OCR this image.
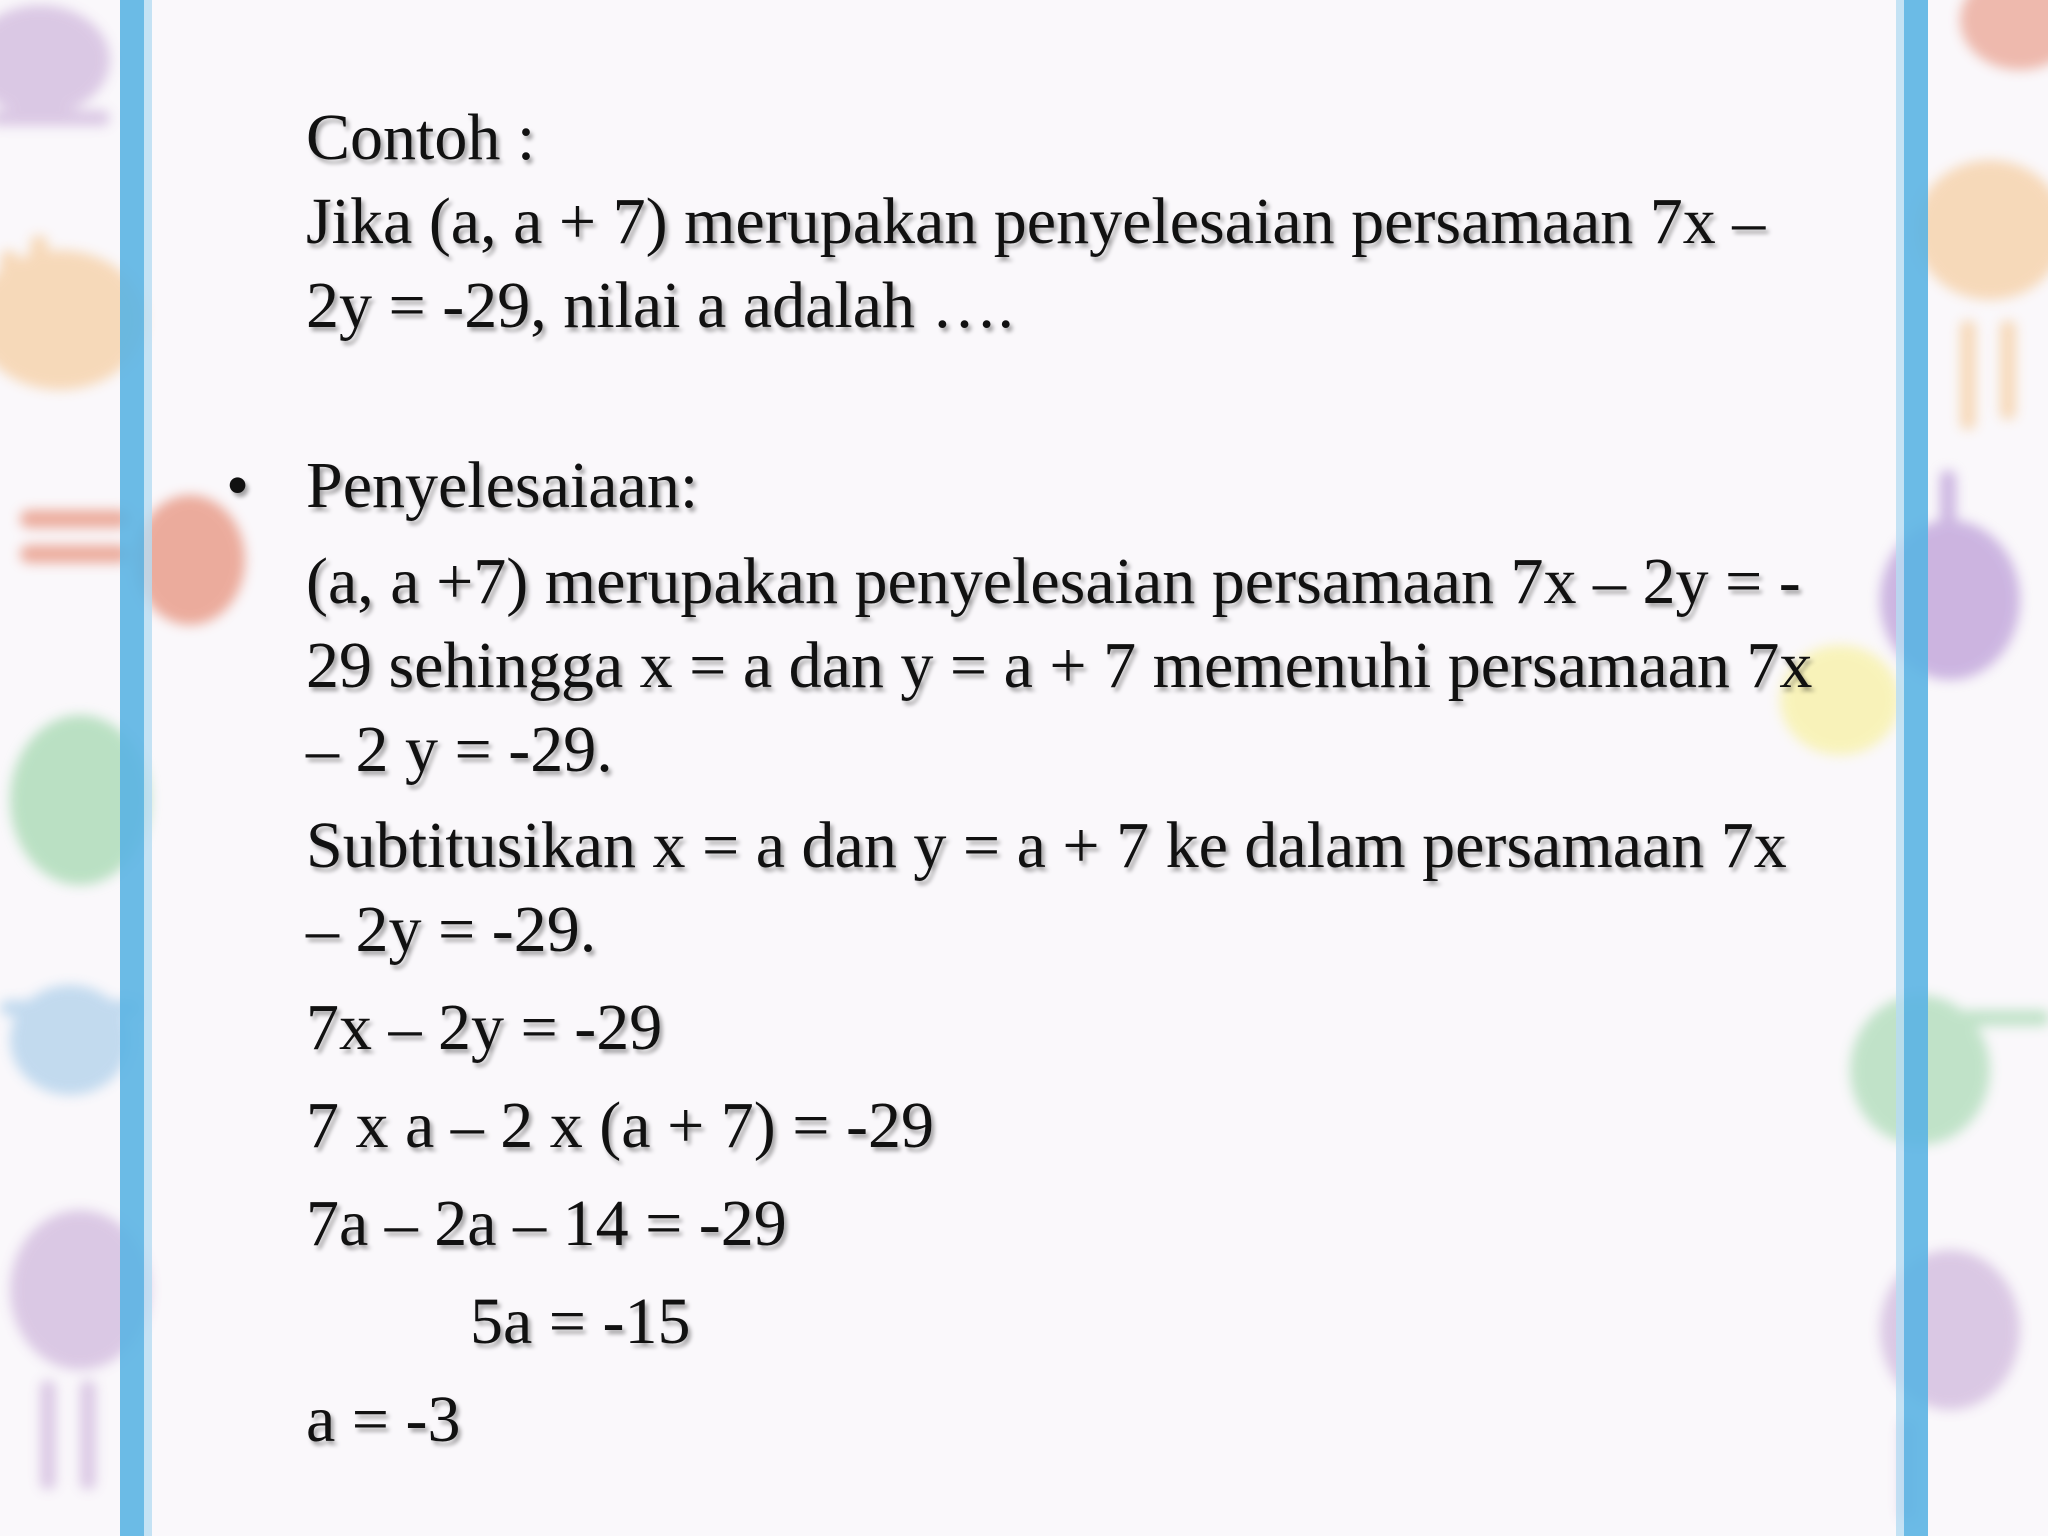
Contoh :
Jika (a, a + 7) merupakan penyelesaian persamaan 7x –
2y = -29, nilai a adalah ….
• Penyelesaiaan:
(a, a +7) merupakan penyelesaian persamaan 7x – 2y = -
29 sehingga x = a dan y = a + 7 memenuhi persamaan 7x
– 2 y = -29.
Subtitusikan x = a dan y = a + 7 ke dalam persamaan 7x
– 2y = -29.
7x – 2y = -29
7 x a – 2 x (a + 7) = -29
7a – 2a – 14 = -29
5a = -15
a = -3
